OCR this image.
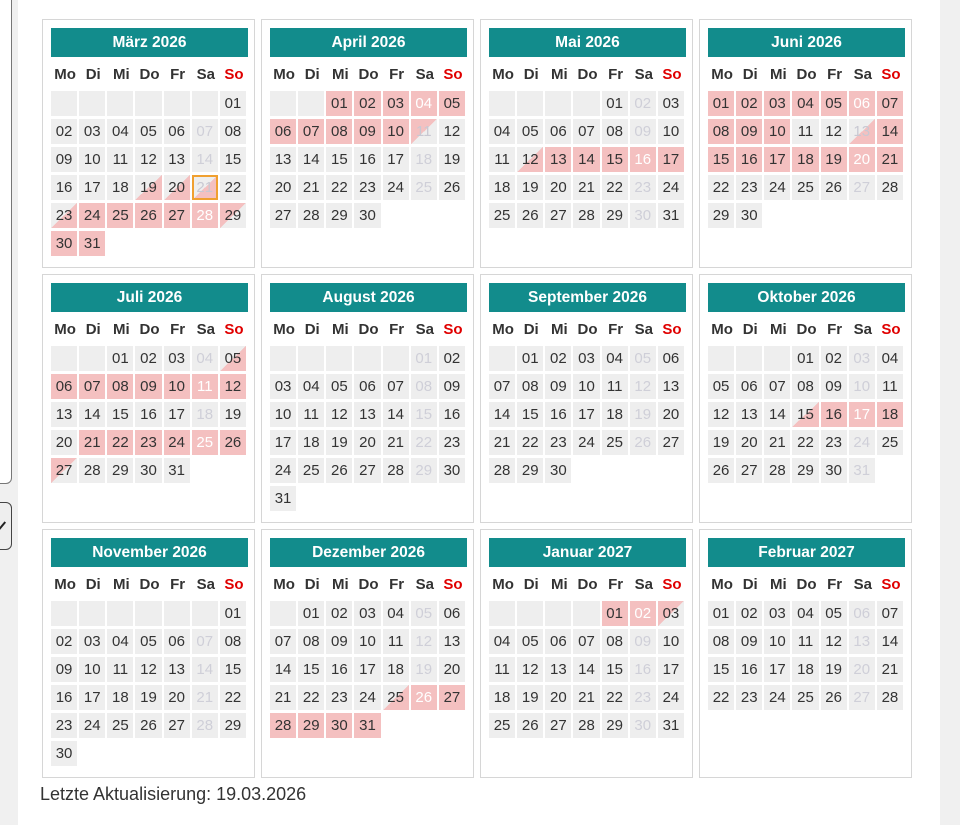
März 2026
Mo Di Mi Do Fr Sa So
01
02 03 04 05 06 07 08
09 10 11 12 13 14 15
16 17 18 19 20 21 22
23 24 25 26 27 28 29
30 31
April 2026
Mo Di Mi Do Fr Sa So
01 02 03 04 05
06 07 08 09 10 11 12
13 14 15 16 17 18 19
20 21 22 23 24 25 26
27 28 29 30
Mai 2026
Mo Di Mi Do Fr Sa So
01 02 03
04 05 06 07 08 09 10
11 12 13 14 15 16 17
18 19 20 21 22 23 24
25 26 27 28 29 30 31
Juni 2026
Mo Di Mi Do Fr Sa So
01 02 03 04 05 06 07
08 09 10 11 12 13 14
15 16 17 18 19 20 21
22 23 24 25 26 27 28
29 30
Juli 2026
Mo Di Mi Do Fr Sa So
01 02 03 04 05
06 07 08 09 10 11 12
13 14 15 16 17 18 19
20 21 22 23 24 25 26
27 28 29 30 31
August 2026
Mo Di Mi Do Fr Sa So
01 02
03 04 05 06 07 08 09
10 11 12 13 14 15 16
17 18 19 20 21 22 23
24 25 26 27 28 29 30
31
September 2026
Mo Di Mi Do Fr Sa So
01 02 03 04 05 06
07 08 09 10 11 12 13
14 15 16 17 18 19 20
21 22 23 24 25 26 27
28 29 30
Oktober 2026
Mo Di Mi Do Fr Sa So
01 02 03 04
05 06 07 08 09 10 11
12 13 14 15 16 17 18
19 20 21 22 23 24 25
26 27 28 29 30 31
November 2026
Mo Di Mi Do Fr Sa So
01
02 03 04 05 06 07 08
09 10 11 12 13 14 15
16 17 18 19 20 21 22
23 24 25 26 27 28 29
30
Dezember 2026
Mo Di Mi Do Fr Sa So
01 02 03 04 05 06
07 08 09 10 11 12 13
14 15 16 17 18 19 20
21 22 23 24 25 26 27
28 29 30 31
Januar 2027
Mo Di Mi Do Fr Sa So
01 02 03
04 05 06 07 08 09 10
11 12 13 14 15 16 17
18 19 20 21 22 23 24
25 26 27 28 29 30 31
Februar 2027
Mo Di Mi Do Fr Sa So
01 02 03 04 05 06 07
08 09 10 11 12 13 14
15 16 17 18 19 20 21
22 23 24 25 26 27 28
Letzte Aktualisierung: 19.03.2026
